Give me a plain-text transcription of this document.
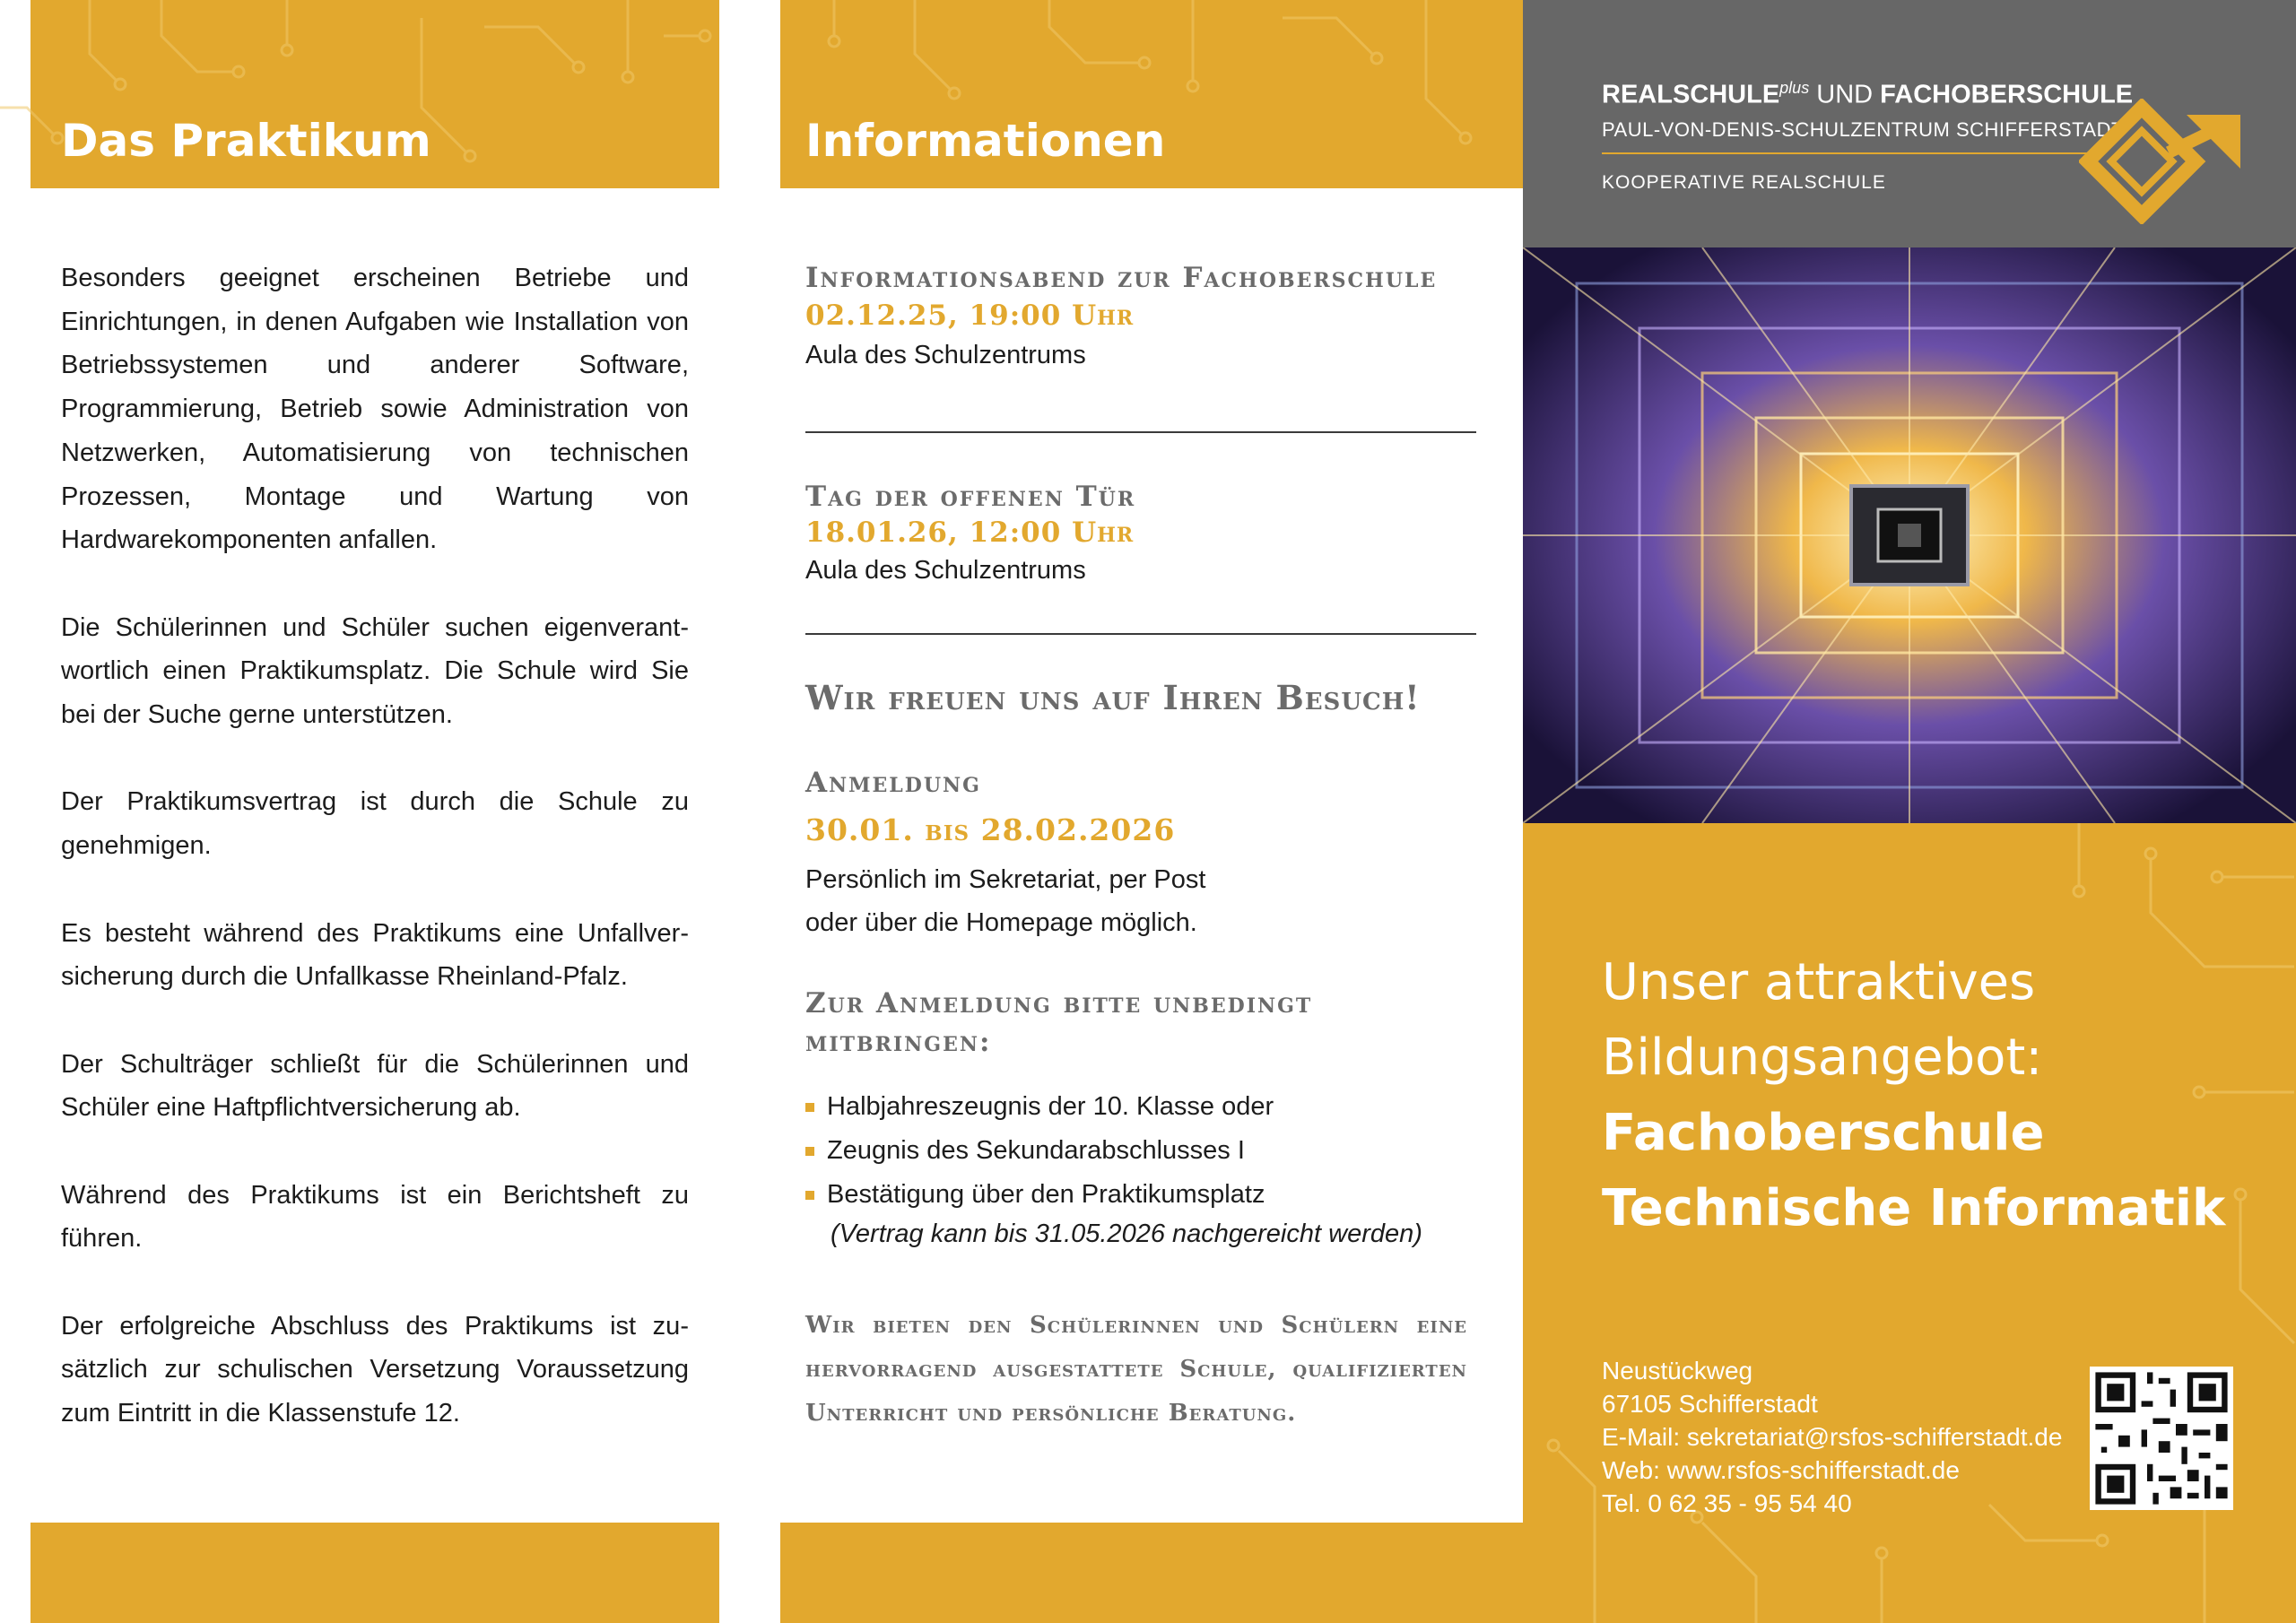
Das Praktikum

Besonders geeignet erscheinen Betriebe und Einrichtungen, in denen Aufgaben wie Installation von Betriebssystemen und anderer Software, Programmierung, Betrieb sowie Administration von Netzwerken, Automatisierung von technischen Prozessen, Montage und Wartung von Hardwarekomponenten anfallen.

Die Schülerinnen und Schüler suchen eigenverantwortlich einen Praktikumsplatz. Die Schule wird Sie bei der Suche gerne unterstützen.

Der Praktikumsvertrag ist durch die Schule zu genehmigen.

Es besteht während des Praktikums eine Unfallversicherung durch die Unfallkasse Rheinland-Pfalz.

Der Schulträger schließt für die Schülerinnen und Schüler eine Haftpflichtversicherung ab.

Während des Praktikums ist ein Berichtsheft zu führen.

Der erfolgreiche Abschluss des Praktikums ist zusätzlich zur schulischen Versetzung Voraussetzung zum Eintritt in die Klassenstufe 12.

Informationen
Informationsabend zur Fachoberschule
02.12.25, 19:00 Uhr
Aula des Schulzentrums
Tag der offenen Tür
18.01.26, 12:00 Uhr
Aula des Schulzentrums
Wir freuen uns auf Ihren Besuch!
Anmeldung
30.01. bis 28.02.2026
Persönlich im Sekretariat, per Post
oder über die Homepage möglich.
Zur Anmeldung bitte unbedingt
mitbringen:
Halbjahreszeugnis der 10. Klasse oder
Zeugnis des Sekundarabschlusses I
Bestätigung über den Praktikumsplatz
(Vertrag kann bis 31.05.2026 nachgereicht werden)
Wir bieten den Schülerinnen und Schülern eine hervorragend ausgestattete Schule, qualifizierten Unterricht und persönliche Beratung.
$REALSCHULE^{plus}$ UND FACHOBERSCHULE
PAUL-VON-DENIS-SCHULZENTRUM SCHIFFERSTADT
KOOPERATIVE REALSCHULE
Unser attraktives
Bildungsangebot:
Fachoberschule
Technische Informatik
Neustückweg
67105 Schifferstadt
E-Mail: sekretariat@rsfos-schifferstadt.de
Web: www.rsfos-schifferstadt.de
Tel. 0 62 35 - 95 54 40
